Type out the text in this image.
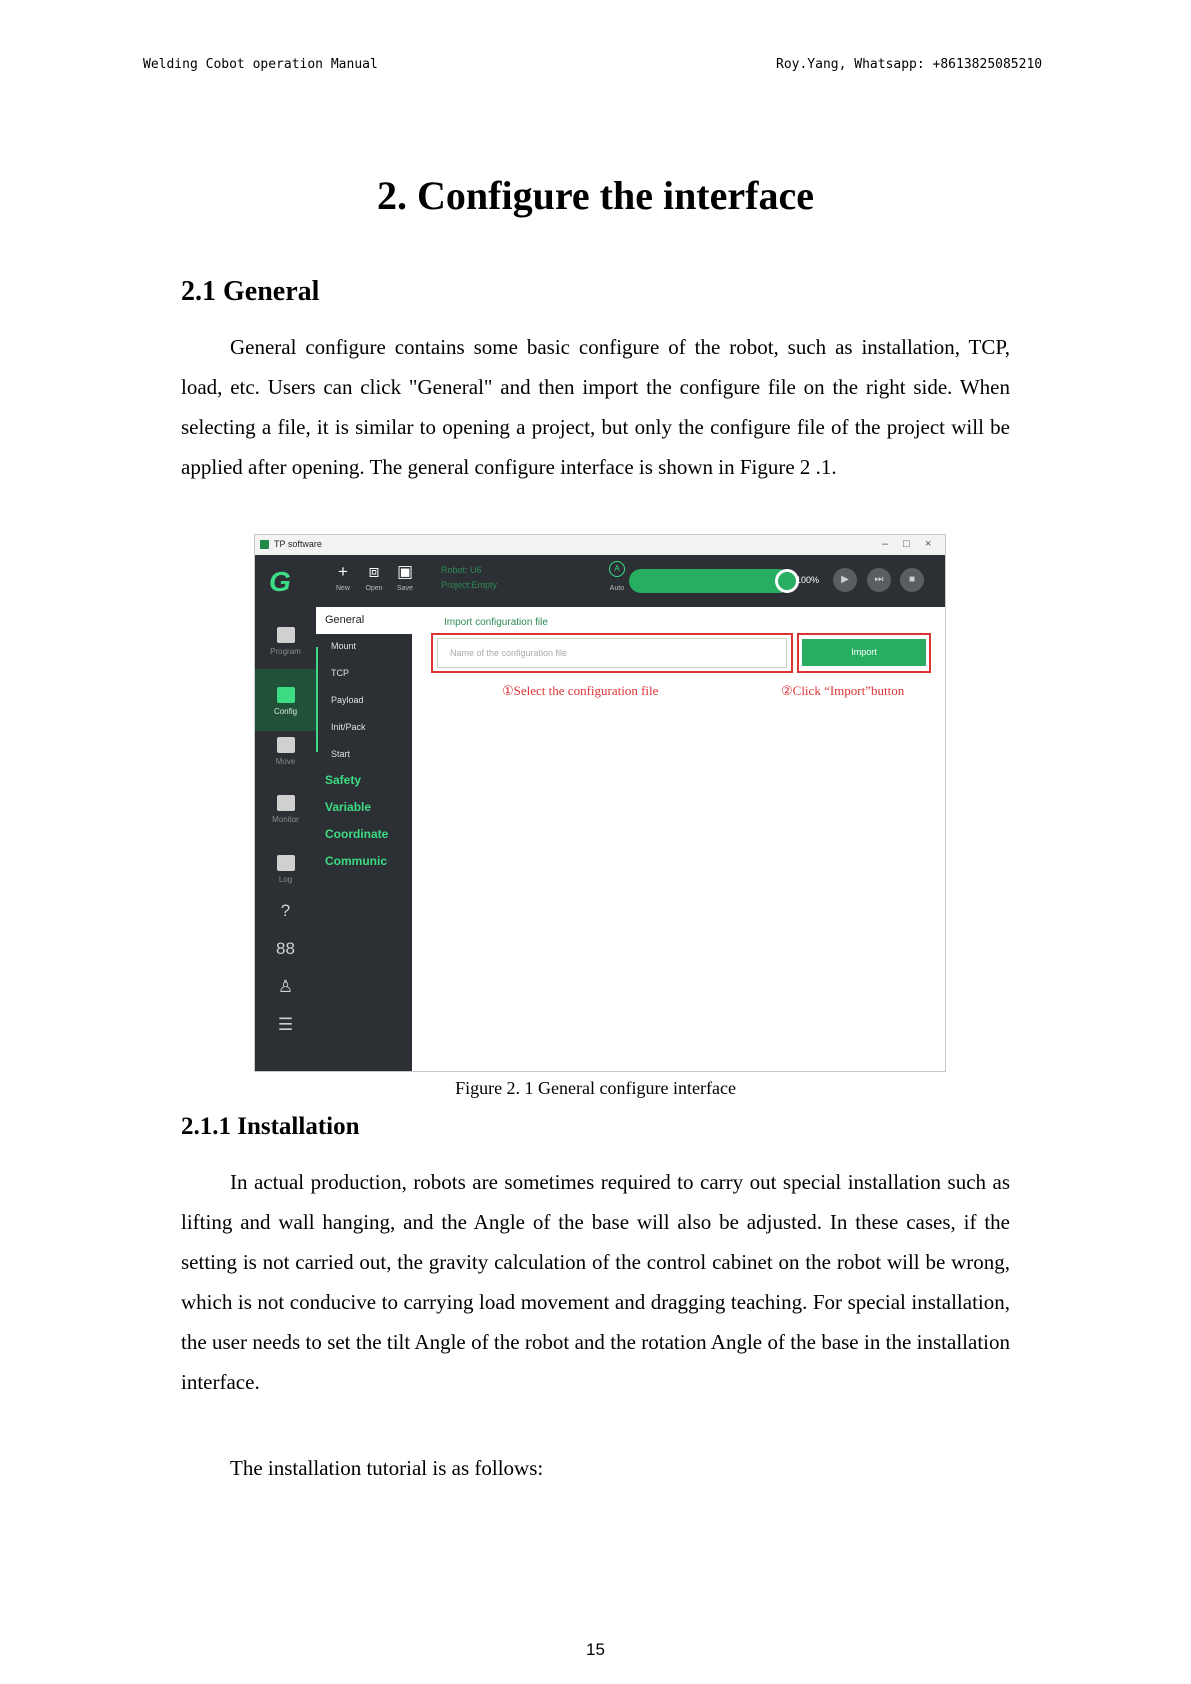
Welding Cobot operation Manual	Roy.Yang, Whatsapp: +8613825085210
2. Configure the interface
2.1 General

General configure contains some basic configure of the robot, such as installation, TCP, load, etc. Users can click "General" and then import the configure file on the right side. When selecting a file, it is similar to opening a project, but only the configure file of the project will be applied after opening. The general configure interface is shown in Figure 2 .1.

TP software	– □ ×
G	+
New
⧈
Open
▣
Save
Robot: U6
Project:Empty
A
Auto
100%	▶	⏭	■
Program
Config
Move
Monitor
Log
?
88
♙
☰
General
Mount
TCP
Payload
Init/Pack
Start
Safety
Variable
Coordinate
Communic
Import configuration file
Name of the configuration file	Import
①Select the configuration file	②Click “Import”button
Figure 2. 1 General configure interface
2.1.1 Installation

In actual production, robots are sometimes required to carry out special installation such as lifting and wall hanging, and the Angle of the base will also be adjusted. In these cases, if the setting is not carried out, the gravity calculation of the control cabinet on the robot will be wrong, which is not conducive to carrying load movement and dragging teaching. For special installation, the user needs to set the tilt Angle of the robot and the rotation Angle of the base in the installation interface.

The installation tutorial is as follows:

15
